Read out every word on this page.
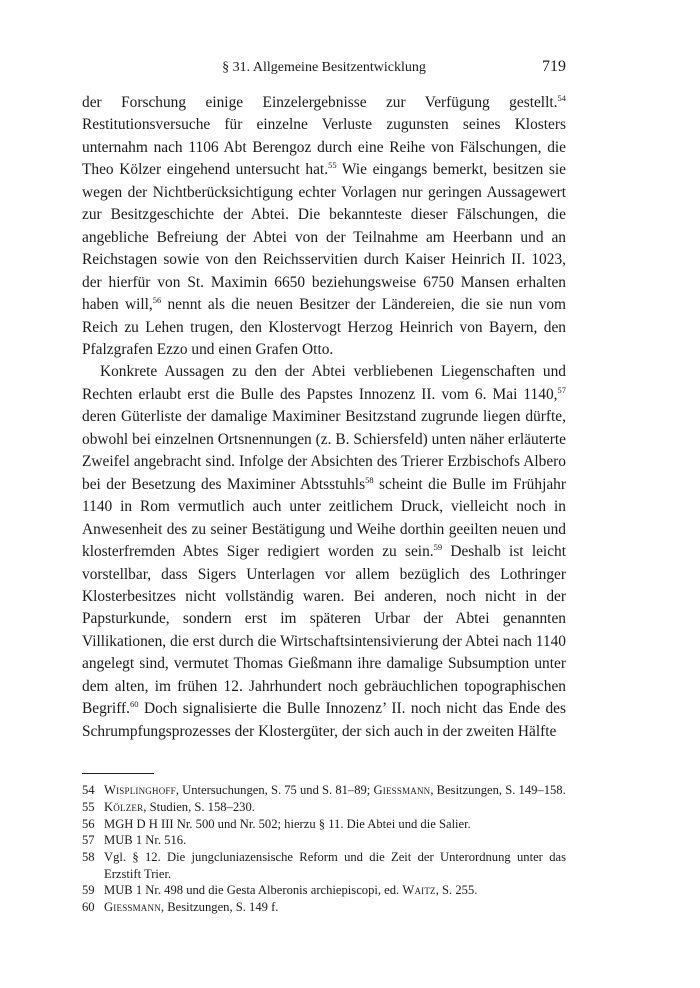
§ 31. Allgemeine Besitzentwicklung	719

der Forschung einige Einzelergebnisse zur Verfügung gestellt.$^{54}$ Restitutionsversuche für einzelne Verluste zugunsten seines Klosters unternahm nach 1106 Abt Berengoz durch eine Reihe von Fälschungen, die Theo Kölzer eingehend untersucht hat.$^{55}$ Wie eingangs bemerkt, besitzen sie wegen der Nichtberücksichtigung echter Vorlagen nur geringen Aussagewert zur Besitzgeschichte der Abtei. Die bekannteste dieser Fälschungen, die angebliche Befreiung der Abtei von der Teilnahme am Heerbann und an Reichstagen sowie von den Reichsservitien durch Kaiser Heinrich II. 1023, der hierfür von St. Maximin 6650 beziehungsweise 6750 Mansen erhalten haben will,$^{56}$ nennt als die neuen Besitzer der Ländereien, die sie nun vom Reich zu Lehen trugen, den Klostervogt Herzog Heinrich von Bayern, den Pfalzgrafen Ezzo und einen Grafen Otto.

Konkrete Aussagen zu den der Abtei verbliebenen Liegenschaften und Rechten erlaubt erst die Bulle des Papstes Innozenz II. vom 6. Mai 1140,57 deren Güterliste der damalige Maximiner Besitzstand zugrunde liegen dürfte, obwohl bei einzelnen Ortsnennungen (z. B. Schiersfeld) unten näher erläuterte Zweifel angebracht sind. Infolge der Absichten des Trierer Erzbischofs Albero bei der Besetzung des Maximiner Abtsstuhls$^{58}$ scheint die Bulle im Frühjahr 1140 in Rom vermutlich auch unter zeitlichem Druck, vielleicht noch in Anwesenheit des zu seiner Bestätigung und Weihe dorthin geeilten neuen und klosterfremden Abtes Siger redigiert worden zu sein.$^{59}$ Deshalb ist leicht vorstellbar, dass Sigers Unterlagen vor allem bezüglich des Lothringer Klosterbesitzes nicht vollständig waren. Bei anderen, noch nicht in der Papsturkunde, sondern erst im späteren Urbar der Abtei genannten Villikationen, die erst durch die Wirtschaftsintensivierung der Abtei nach 1140 angelegt sind, vermutet Thomas Gießmann ihre damalige Subsumption unter dem alten, im frühen 12. Jahrhundert noch gebräuchlichen topographischen Begriff.$^{60}$ Doch signalisierte die Bulle Innozenz’ II. noch nicht das Ende des Schrumpfungsprozesses der Klostergüter, der sich auch in der zweiten Hälfte

54 Wisplinghoff, Untersuchungen, S. 75 und S. 81–89; Giessmann, Besitzungen, S. 149–158.
55 Kölzer, Studien, S. 158–230.
56 MGH D H III Nr. 500 und Nr. 502; hierzu § 11. Die Abtei und die Salier.
57 MUB 1 Nr. 516.
58 Vgl. § 12. Die jungcluniazensische Reform und die Zeit der Unterordnung unter das Erzstift Trier.
59 MUB 1 Nr. 498 und die Gesta Alberonis archiepiscopi, ed. Waitz, S. 255.
60 Giessmann, Besitzungen, S. 149 f.
